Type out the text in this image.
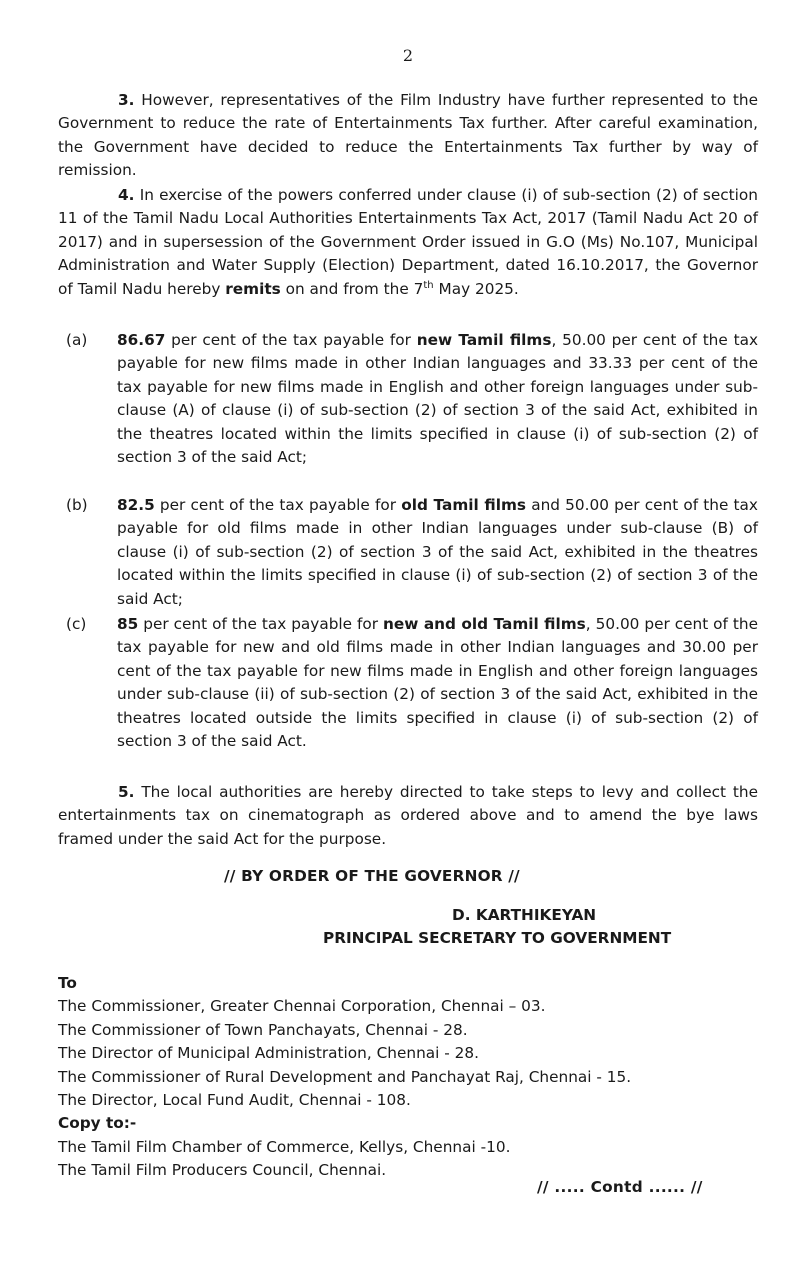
2

3. However, representatives of the Film Industry have further represented to the Government to reduce the rate of Entertainments Tax further. After careful examination, the Government have decided to reduce the Entertainments Tax further by way of remission.

4. In exercise of the powers conferred under clause (i) of sub-section (2) of section 11 of the Tamil Nadu Local Authorities Entertainments Tax Act, 2017 (Tamil Nadu Act 20 of 2017) and in supersession of the Government Order issued in G.O (Ms) No.107, Municipal Administration and Water Supply (Election) Department, dated 16.10.2017, the Governor of Tamil Nadu hereby remits on and from the 7th May 2025.

(a) 86.67 per cent of the tax payable for new Tamil films, 50.00 per cent of the tax payable for new films made in other Indian languages and 33.33 per cent of the tax payable for new films made in English and other foreign languages under sub-clause (A) of clause (i) of sub-section (2) of section 3 of the said Act, exhibited in the theatres located within the limits specified in clause (i) of sub-section (2) of section 3 of the said Act;
(b) 82.5 per cent of the tax payable for old Tamil films and 50.00 per cent of the tax payable for old films made in other Indian languages under sub-clause (B) of clause (i) of sub-section (2) of section 3 of the said Act, exhibited in the theatres located within the limits specified in clause (i) of sub-section (2) of section 3 of the said Act;
(c) 85 per cent of the tax payable for new and old Tamil films, 50.00 per cent of the tax payable for new and old films made in other Indian languages and 30.00 per cent of the tax payable for new films made in English and other foreign languages under sub-clause (ii) of sub-section (2) of section 3 of the said Act, exhibited in the theatres located outside the limits specified in clause (i) of sub-section (2) of section 3 of the said Act.

5. The local authorities are hereby directed to take steps to levy and collect the entertainments tax on cinematograph as ordered above and to amend the bye laws framed under the said Act for the purpose.

// BY ORDER OF THE GOVERNOR //
D. KARTHIKEYAN
PRINCIPAL SECRETARY TO GOVERNMENT
To
The Commissioner, Greater Chennai Corporation, Chennai – 03.
The Commissioner of Town Panchayats, Chennai - 28.
The Director of Municipal Administration, Chennai - 28.
The Commissioner of Rural Development and Panchayat Raj, Chennai - 15.
The Director, Local Fund Audit, Chennai - 108.
Copy to:-
The Tamil Film Chamber of Commerce, Kellys, Chennai -10.
The Tamil Film Producers Council, Chennai.
// ..... Contd ...... //
